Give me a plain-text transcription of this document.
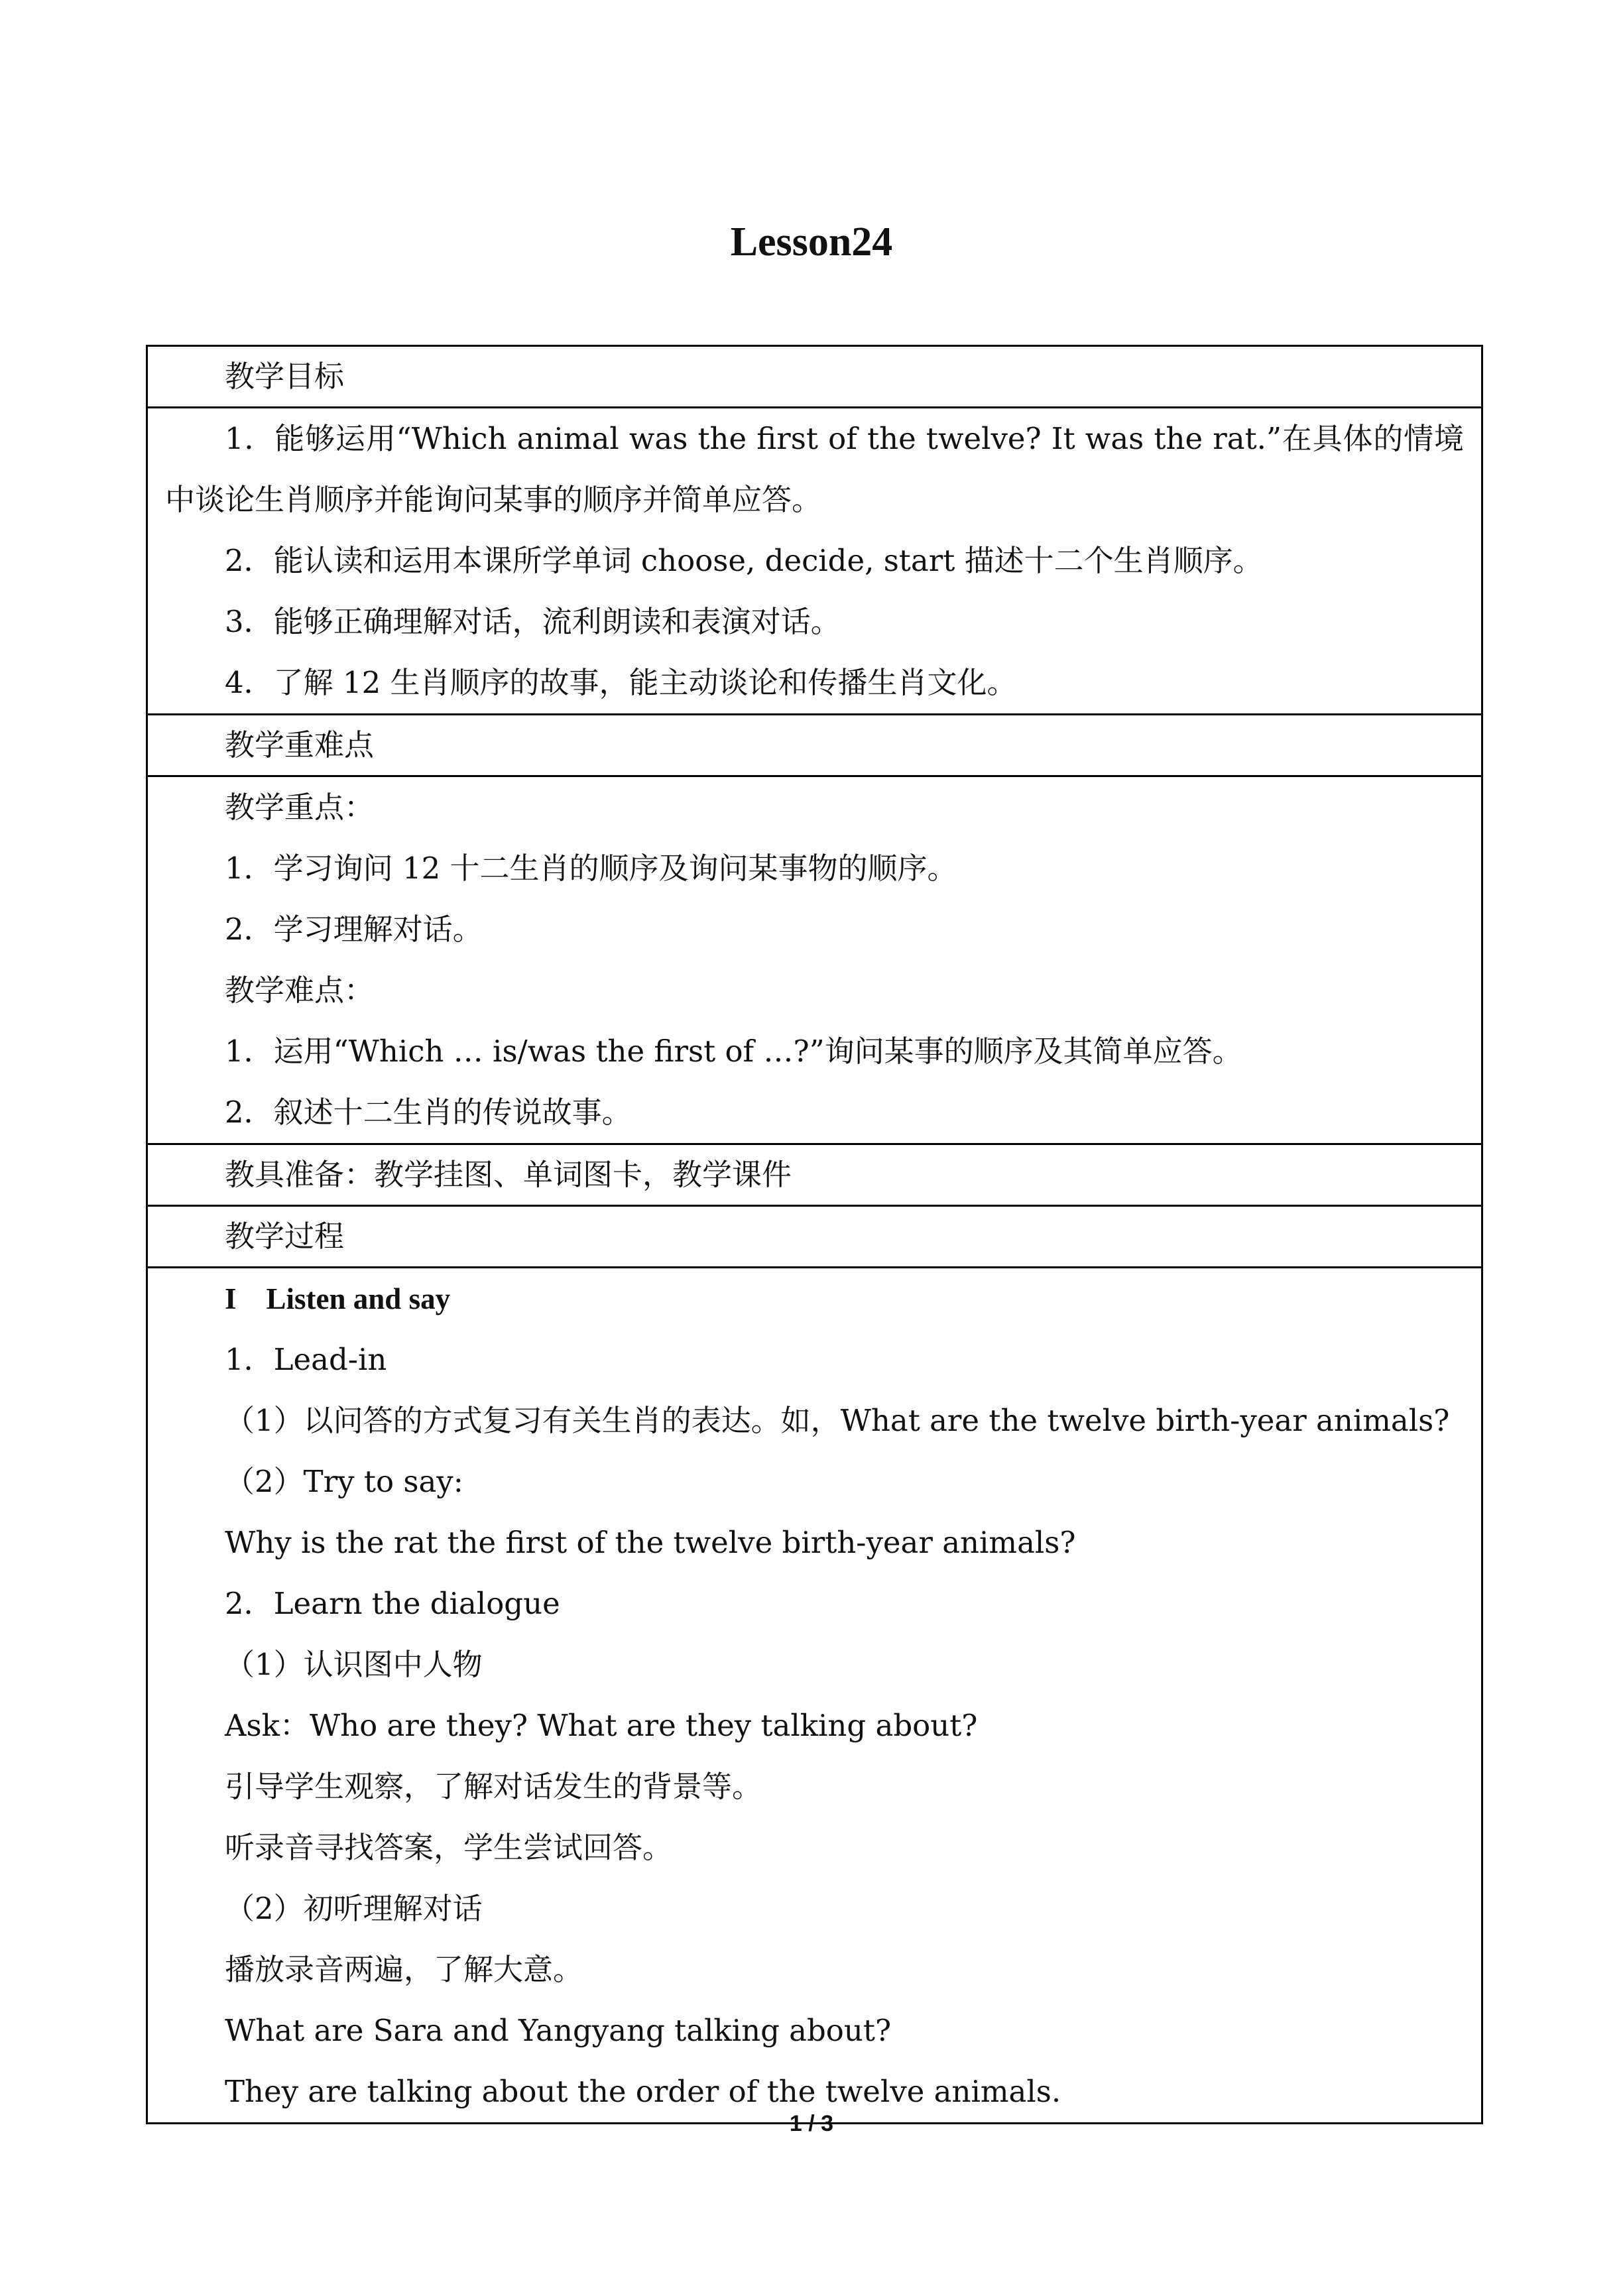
Lesson24
教学目标
1．能够运用“Which animal was the first of the twelve? It was the rat.”在具体的情境中谈论生肖顺序并能询问某事的顺序并简单应答。
2．能认读和运用本课所学单词 choose, decide, start 描述十二个生肖顺序。
3．能够正确理解对话，流利朗读和表演对话。
4．了解 12 生肖顺序的故事，能主动谈论和传播生肖文化。
教学重难点
教学重点：
1．学习询问 12 十二生肖的顺序及询问某事物的顺序。
2．学习理解对话。
教学难点：
1．运用“Which … is/was the first of …?”询问某事的顺序及其简单应答。
2．叙述十二生肖的传说故事。
教具准备：教学挂图、单词图卡，教学课件
教学过程
I　Listen and say
1．Lead-in
（1）以问答的方式复习有关生肖的表达。如，What are the twelve birth-year animals?
（2）Try to say:
Why is the rat the first of the twelve birth-year animals?
2．Learn the dialogue
（1）认识图中人物
Ask：Who are they? What are they talking about?
引导学生观察，了解对话发生的背景等。
听录音寻找答案，学生尝试回答。
（2）初听理解对话
播放录音两遍，了解大意。
What are Sara and Yangyang talking about?
They are talking about the order of the twelve animals.
1 / 3
